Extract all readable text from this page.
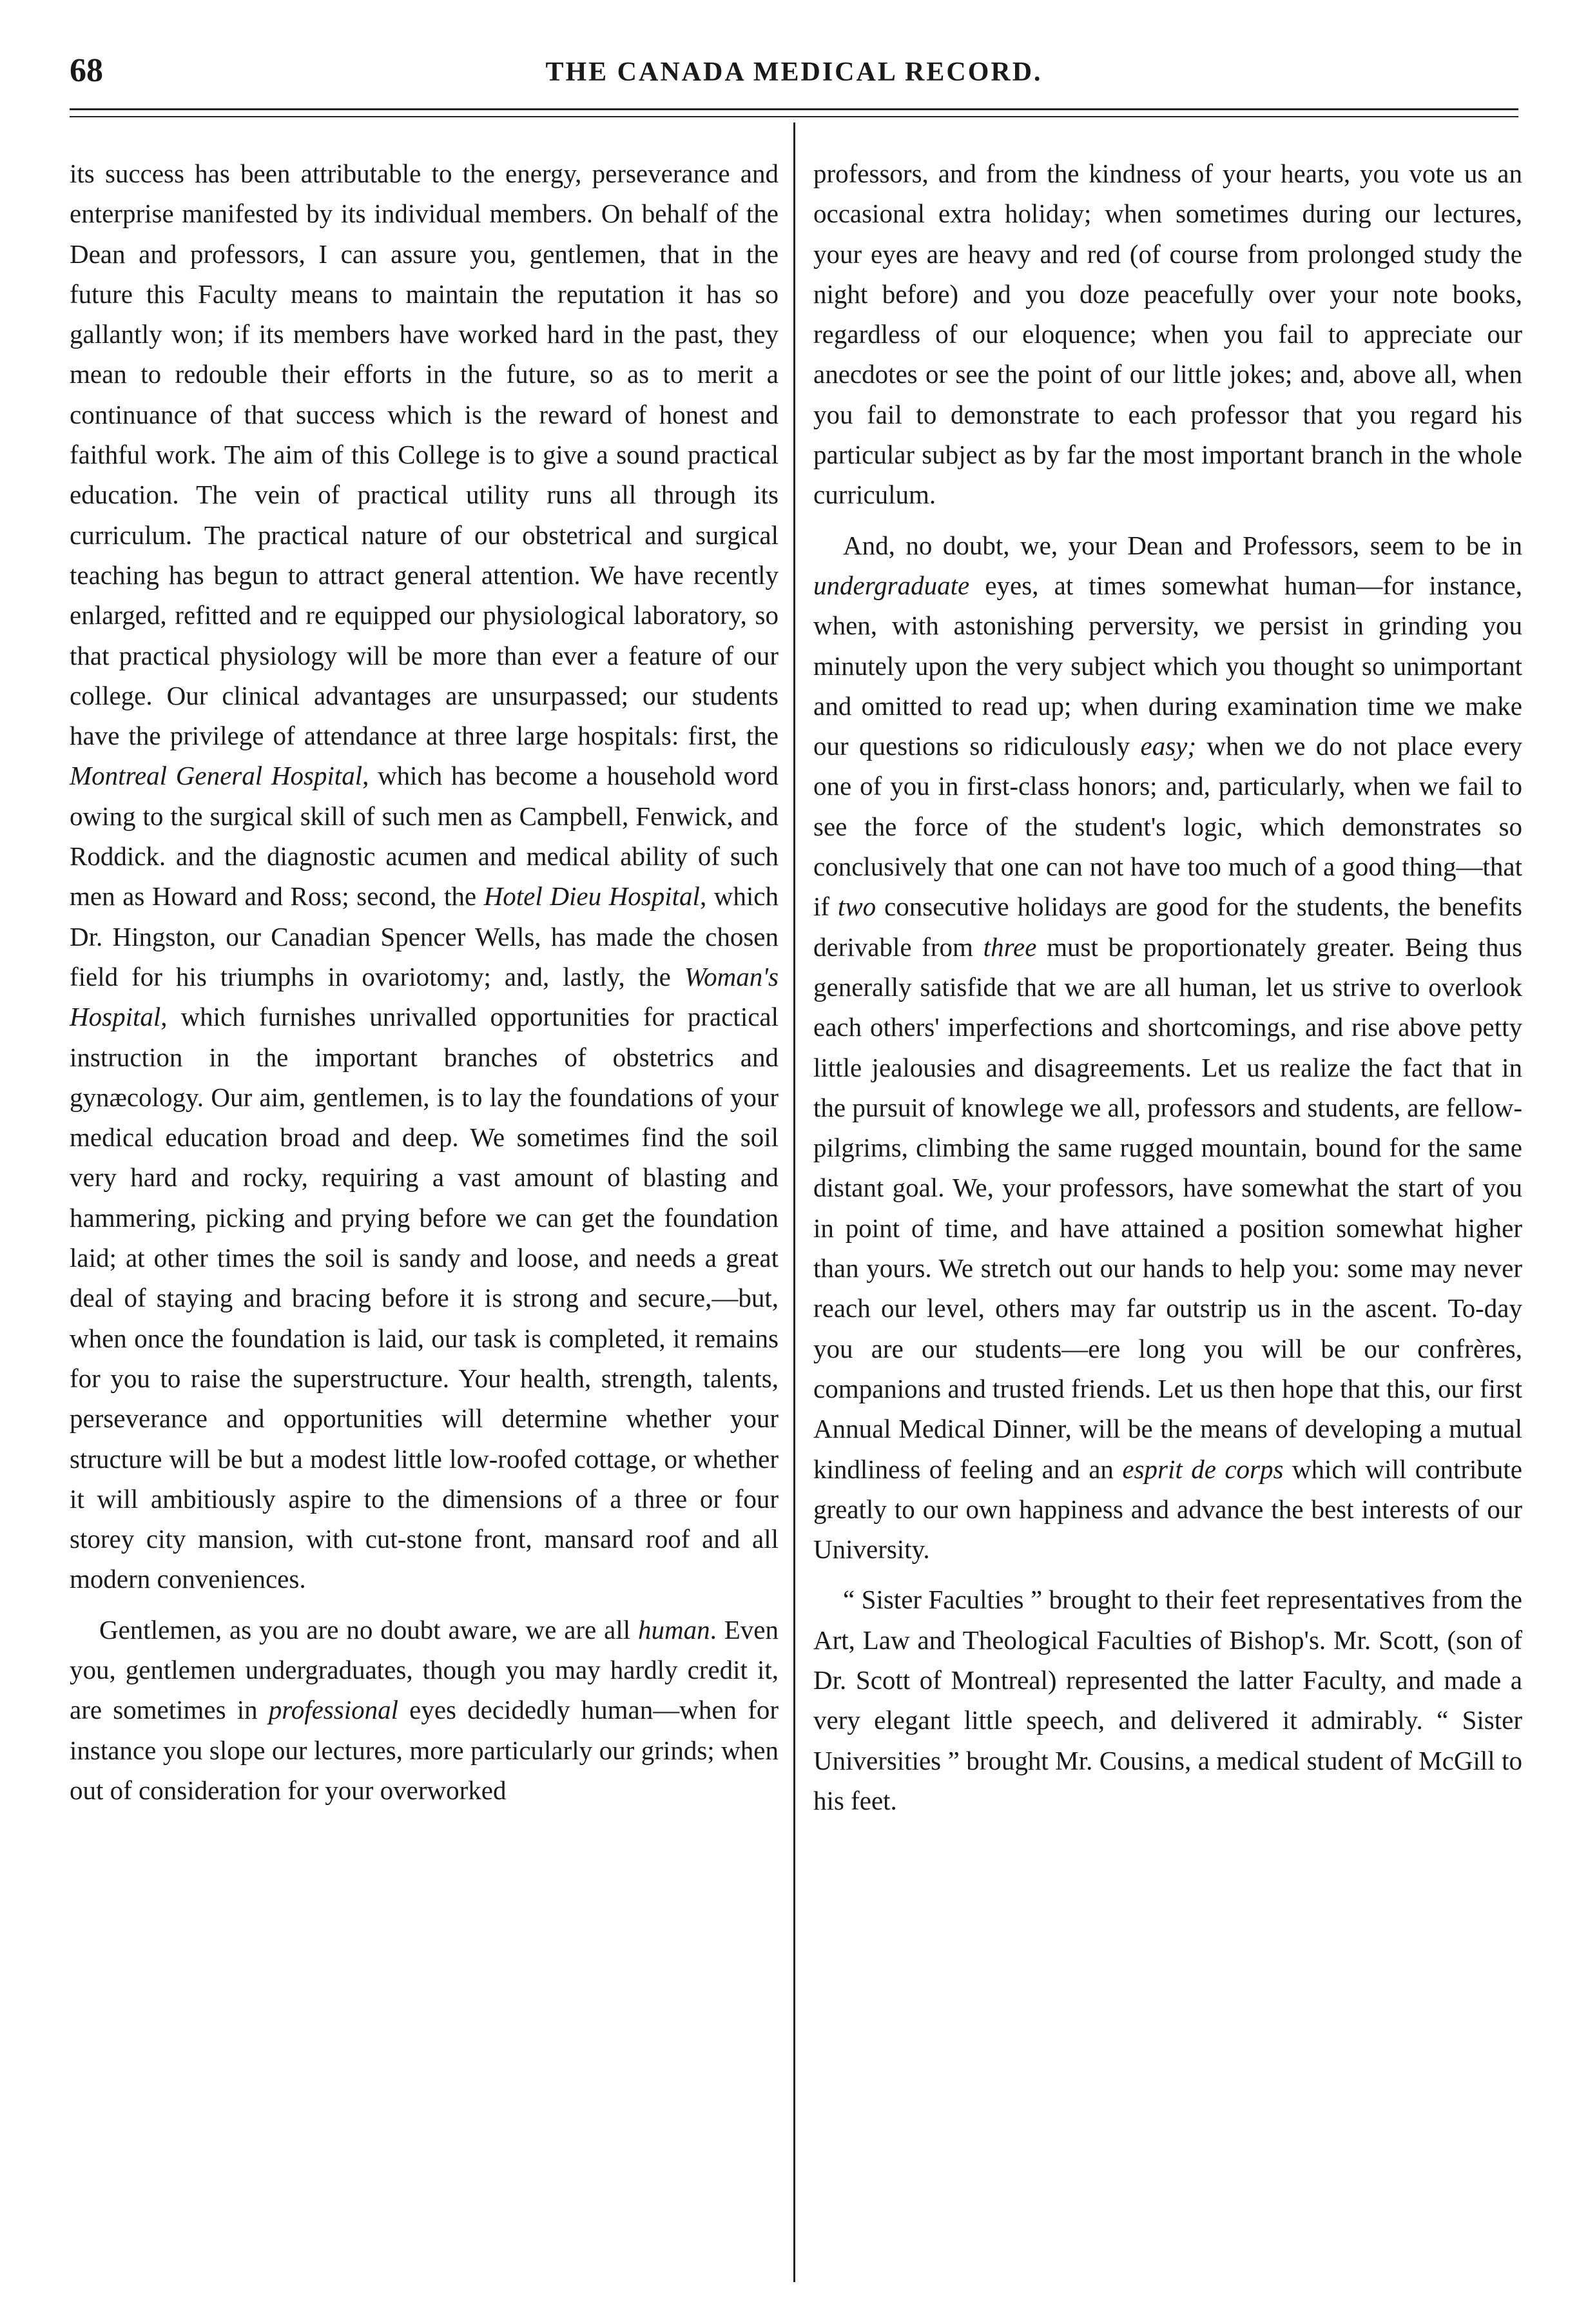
68	THE CANADA MEDICAL RECORD.

its success has been attributable to the energy, perseverance and enterprise manifested by its individual members. On behalf of the Dean and professors, I can assure you, gentlemen, that in the future this Faculty means to maintain the reputation it has so gallantly won; if its members have worked hard in the past, they mean to redouble their efforts in the future, so as to merit a continuance of that success which is the reward of honest and faithful work. The aim of this College is to give a sound practical education. The vein of practical utility runs all through its curriculum. The practical nature of our obstetrical and surgical teaching has begun to attract general attention. We have recently enlarged, refitted and re equipped our physiological laboratory, so that practical physiology will be more than ever a feature of our college. Our clinical advantages are unsurpassed; our students have the privilege of attendance at three large hospitals: first, the Montreal General Hospital, which has become a household word owing to the surgical skill of such men as Campbell, Fenwick, and Roddick. and the diagnostic acumen and medical ability of such men as Howard and Ross; second, the Hotel Dieu Hospital, which Dr. Hingston, our Canadian Spencer Wells, has made the chosen field for his triumphs in ovariotomy; and, lastly, the Woman's Hospital, which furnishes unrivalled opportunities for practical instruction in the important branches of obstetrics and gynæcology. Our aim, gentlemen, is to lay the foundations of your medical education broad and deep. We sometimes find the soil very hard and rocky, requiring a vast amount of blasting and hammering, picking and prying before we can get the foundation laid; at other times the soil is sandy and loose, and needs a great deal of staying and bracing before it is strong and secure,—but, when once the foundation is laid, our task is completed, it remains for you to raise the superstructure. Your health, strength, talents, perseverance and opportunities will determine whether your structure will be but a modest little low-roofed cottage, or whether it will ambitiously aspire to the dimensions of a three or four storey city mansion, with cut-stone front, mansard roof and all modern conveniences.

Gentlemen, as you are no doubt aware, we are all human. Even you, gentlemen undergraduates, though you may hardly credit it, are sometimes in professional eyes decidedly human—when for instance you slope our lectures, more particularly our grinds; when out of consideration for your overworked

professors, and from the kindness of your hearts, you vote us an occasional extra holiday; when sometimes during our lectures, your eyes are heavy and red (of course from prolonged study the night before) and you doze peacefully over your note books, regardless of our eloquence; when you fail to appreciate our anecdotes or see the point of our little jokes; and, above all, when you fail to demonstrate to each professor that you regard his particular subject as by far the most important branch in the whole curriculum.

And, no doubt, we, your Dean and Professors, seem to be in undergraduate eyes, at times somewhat human—for instance, when, with astonishing perversity, we persist in grinding you minutely upon the very subject which you thought so unimportant and omitted to read up; when during examination time we make our questions so ridiculously easy; when we do not place every one of you in first-class honors; and, particularly, when we fail to see the force of the student's logic, which demonstrates so conclusively that one can not have too much of a good thing—that if two consecutive holidays are good for the students, the benefits derivable from three must be proportionately greater. Being thus generally satisfide that we are all human, let us strive to overlook each others' imperfections and shortcomings, and rise above petty little jealousies and disagreements. Let us realize the fact that in the pursuit of knowlege we all, professors and students, are fellow-pilgrims, climbing the same rugged mountain, bound for the same distant goal. We, your professors, have somewhat the start of you in point of time, and have attained a position somewhat higher than yours. We stretch out our hands to help you: some may never reach our level, others may far outstrip us in the ascent. To-day you are our students—ere long you will be our confrères, companions and trusted friends. Let us then hope that this, our first Annual Medical Dinner, will be the means of developing a mutual kindliness of feeling and an esprit de corps which will contribute greatly to our own happiness and advance the best interests of our University.

“ Sister Faculties ” brought to their feet representatives from the Art, Law and Theological Faculties of Bishop's. Mr. Scott, (son of Dr. Scott of Montreal) represented the latter Faculty, and made a very elegant little speech, and delivered it admirably. “ Sister Universities ” brought Mr. Cousins, a medical student of McGill to his feet.
